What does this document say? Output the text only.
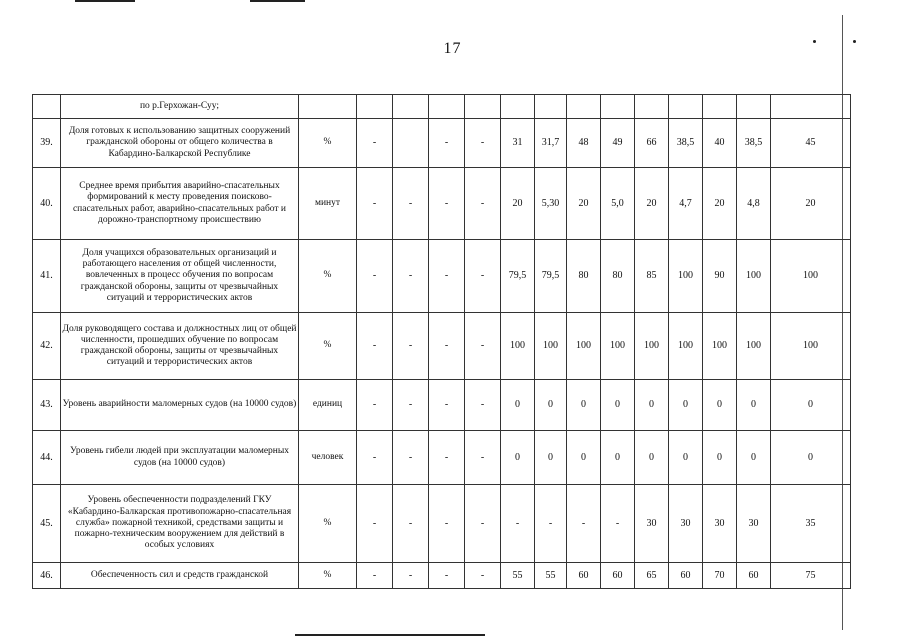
17
	по р.Герхожан-Суу;														
39.	Доля готовых к использованию защитных сооружений гражданской обороны от общего количества в Кабардино-Балкарской Республике	%	-		-	-	31	31,7	48	49	66	38,5	40	38,5	45
40.	Среднее время прибытия аварийно-спасательных формирований к месту проведения поисково-спасательных работ, аварийно-спасательных работ и дорожно-транспортному происшествию	минут	-	-	-	-	20	5,30	20	5,0	20	4,7	20	4,8	20
41.	Доля учащихся образовательных организаций и работающего населения от общей численности, вовлеченных в процесс обучения по вопросам гражданской обороны, защиты от чрезвычайных ситуаций и террористических актов	%	-	-	-	-	79,5	79,5	80	80	85	100	90	100	100
42.	Доля руководящего состава и должностных лиц от общей численности, прошедших обучение по вопросам гражданской обороны, защиты от чрезвычайных ситуаций и террористических актов	%	-	-	-	-	100	100	100	100	100	100	100	100	100
43.	Уровень аварийности маломерных судов (на 10000 судов)	единиц	-	-	-	-	0	0	0	0	0	0	0	0	0
44.	Уровень гибели людей при эксплуатации маломерных судов (на 10000 судов)	человек	-	-	-	-	0	0	0	0	0	0	0	0	0
45.	Уровень обеспеченности подразделений ГКУ «Кабардино-Балкарская противопожарно-спасательная служба» пожарной техникой, средствами защиты и пожарно-техническим вооружением для действий в особых условиях	%	-	-	-	-	-	-	-	-	30	30	30	30	35
46.	Обеспеченность сил и средств гражданской	%	-	-	-	-	55	55	60	60	65	60	70	60	75
